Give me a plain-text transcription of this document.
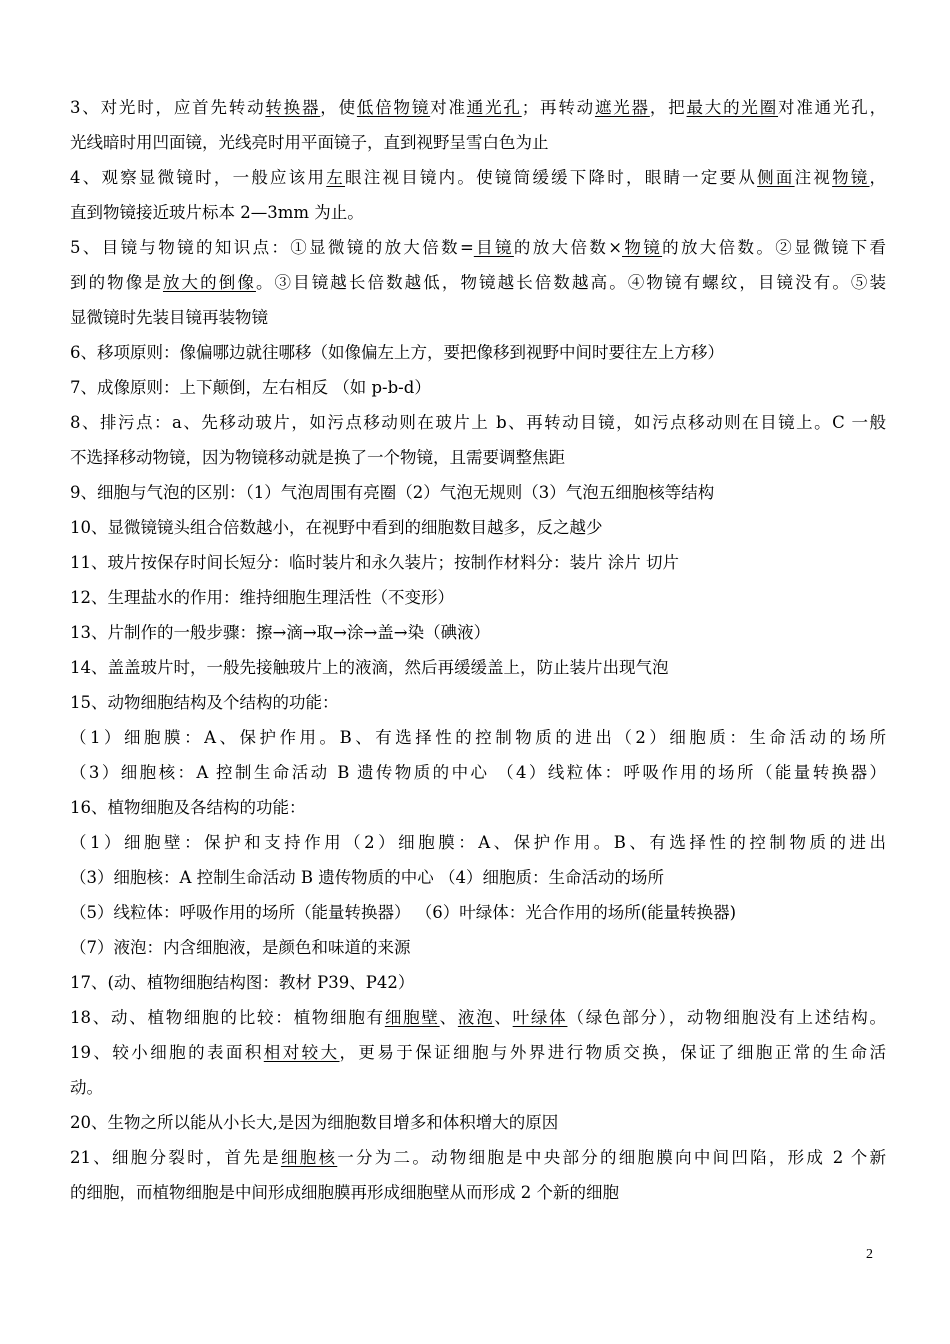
3、对光时，应首先转动转换器，使低倍物镜对准通光孔；再转动遮光器，把最大的光圈对准通光孔，
光线暗时用凹面镜，光线亮时用平面镜子，直到视野呈雪白色为止
4、观察显微镜时，一般应该用左眼注视目镜内。使镜筒缓缓下降时，眼睛一定要从侧面注视物镜，
直到物镜接近玻片标本 2—3mm 为止。
5、目镜与物镜的知识点：①显微镜的放大倍数=目镜的放大倍数×物镜的放大倍数。②显微镜下看
到的物像是放大的倒像。③目镜越长倍数越低，物镜越长倍数越高。④物镜有螺纹，目镜没有。⑤装
显微镜时先装目镜再装物镜
6、移项原则：像偏哪边就往哪移（如像偏左上方，要把像移到视野中间时要往左上方移）
7、成像原则：上下颠倒，左右相反 （如 p-b-d）
8、排污点：a、先移动玻片，如污点移动则在玻片上 b、再转动目镜，如污点移动则在目镜上。C 一般
不选择移动物镜，因为物镜移动就是换了一个物镜，且需要调整焦距
9、细胞与气泡的区别：（1）气泡周围有亮圈（2）气泡无规则（3）气泡五细胞核等结构
10、显微镜镜头组合倍数越小，在视野中看到的细胞数目越多，反之越少
11、玻片按保存时间长短分：临时装片和永久装片；按制作材料分：装片 涂片 切片
12、生理盐水的作用：维持细胞生理活性（不变形）
13、片制作的一般步骤：擦→滴→取→涂→盖→染（碘液）
14、盖盖玻片时，一般先接触玻片上的液滴，然后再缓缓盖上，防止装片出现气泡
15、动物细胞结构及个结构的功能：
（1）细胞膜：A、保护作用。B、有选择性的控制物质的进出（2）细胞质：生命活动的场所
（3）细胞核：A 控制生命活动 B 遗传物质的中心 （4）线粒体：呼吸作用的场所（能量转换器）
16、植物细胞及各结构的功能：
（1）细胞壁：保护和支持作用（2）细胞膜：A、保护作用。B、有选择性的控制物质的进出
（3）细胞核：A 控制生命活动 B 遗传物质的中心 （4）细胞质：生命活动的场所
（5）线粒体：呼吸作用的场所（能量转换器） （6）叶绿体：光合作用的场所(能量转换器)
（7）液泡：内含细胞液，是颜色和味道的来源
17、(动、植物细胞结构图：教材 P39、P42）
18、动、植物细胞的比较：植物细胞有细胞壁、液泡、叶绿体（绿色部分），动物细胞没有上述结构。
19、较小细胞的表面积相对较大，更易于保证细胞与外界进行物质交换，保证了细胞正常的生命活
动。
20、生物之所以能从小长大,是因为细胞数目增多和体积增大的原因
21、细胞分裂时，首先是细胞核一分为二。动物细胞是中央部分的细胞膜向中间凹陷，形成 2 个新
的细胞，而植物细胞是中间形成细胞膜再形成细胞壁从而形成 2 个新的细胞
2
